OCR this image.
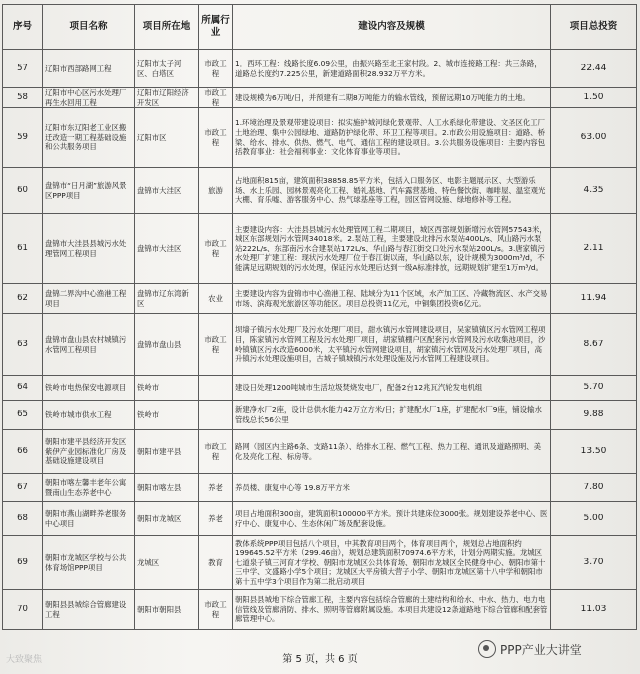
序号	项目名称	项目所在地	所属行业	建设内容及规模	项目总投资

57	辽阳市西部路网工程	辽阳市太子河区、白塔区	市政工程	1．西环工程：线路长度6.09公里，由振兴路至北王家村段。2、城市连接路工程：共三条路，道路总长度约7.225公里，新建道路面积28.932万平方米。	22.44

58	辽阳市中心区污水处理厂再生水回用工程	辽阳市辽阳经济开发区	市政工程	建设规模为6万吨/日，并预建有二期8万吨能力的输水管线，预留远期10万吨能力的土地。	1.50

59	辽阳市东辽阳老工业区搬迁改造一期工程基础设施和公共服务项目	辽阳市区	市政工程	1.环境治理及景观带建设项目：拟实施护城河绿化景观带、人工水系绿化带建设、文圣区化工厂土地治理、集中公园绿地、道路防护绿化带、环卫工程等项目。2.市政公用设施项目：道路、桥梁、给水、排水、供热、燃气、电气、通信工程的建设项目。3.公共服务设施项目：主要内容包括教育事业：社会福利事业：文化体育事业等项目。	63.00

60	盘锦市“日月湖”旅游风景区PPP项目	盘锦市大洼区	旅游	占地面积815亩，建筑面积38858.85平方米，包括入口服务区、电影主题展示区、大型游乐场、水上乐园、园林景观亮化工程、婚礼基地、汽车露营基地、特色餐饮街、咖啡屋、温室观光大棚、育乐嘘、游客服务中心、热气球基座等工程，园区管网设施、绿地修补等工程。	4.35

61	盘锦市大洼县县城污水处理管网工程项目	盘锦市大洼区	市政工程	主要建设内容：大洼县县城污水处理管网工程二期项目，城区西部规划新增污水管网57543米，城区东部规划污水管网34018米。2.泵站工程，主要建设北排污水泵站400L/s、风山路污水泵站222L/s、东部南污水合建泵站172L/s、华山路与春江街交口处污水泵站200L/s。3.唐家镇污水处理厂扩建工程：现状污水处理厂位于春江街以南，华山路以东，设计规模为3000m³/d，不能满足远期规划的污水处理，保证污水处理后达到一级A标准排放，远期规划扩建至1万m³/d。	2.11

62	盘锦二界沟中心渔港工程项目	盘锦市辽东湾新区	农业	主要建设内容为盘锦市中心渔港工程、陆域分为11个区域，水产加工区、冷藏物流区、水产交易市场、滨海观光旅游区等功能区。项目总投资11亿元，中铜集团投资6亿元。	11.94

63	盘锦市盘山县农村城镇污水管网工程项目	盘锦市盘山县	市政工程	坝墙子镇污水处理厂及污水处理厂项目，甜水镇污水管网建设项目，吴家镇镇区污水管网工程项目，陈家镇污水管网工程及污水处理厂项目，胡家镇棚户区配套污水管网及污水收集池项目，沙岭镇镇区污水改造6000米，太平镇污水管网建设项目，胡家镇污水管网及污水处理厂项目，高升镇污水处理设施项目，古城子镇城镇污水处理设施及污水管网工程建设项目。	8.67

64	铁岭市电热保安电源项目	铁岭市		建设日处理1200吨城市生活垃圾焚烧发电厂，配备2台12兆瓦汽轮发电机组	5.70

65	铁岭市城市供水工程	铁岭市		新建净水厂2座，设计总供水能力42万立方米/日；扩建配水厂1座，扩建配水厂9座，铺设输水管线总长56公里	9.88

66	朝阳市建平县经济开发区紫伊产业园标准化厂房及基础设施建设项目	朝阳市建平县	市政工程	路网（园区内主路6条、支路11条）、给排水工程、燃气工程、热力工程、通讯及道路照明、美化及亮化工程、标房等。	13.50

67	朝阳市喀左馨丰老年公寓暨南山生态养老中心	朝阳市喀左县	养老	养员楼、康复中心等 19.8万平方米	7.80

68	朝阳市燕山湖畔养老服务中心项目	朝阳市龙城区	养老	项目占地面积300亩，建筑面积100000平方米。预计共建床位3000张。规划建设养老中心、医疗中心、康复中心、生态休闲广场及配套设施。	5.00

69	朝阳市龙城区学校与公共体育场馆PPP项目	龙城区	教育	教体系统PPP项目包括八个项目，中其教育项目两个，体育项目两个，规划总占地面积约199645.52平方米（299.46亩），规划总建筑面积70974.6平方米，计划分两期实施。龙城区七道泉子镇三河育才学校、朝阳市龙城区公共体育场、朝阳市龙城区全民健身中心、朝阳市第十三中学、文盛路小学5个项目；龙城区大平房镇大营子小学、朝阳市龙城区第十八中学和朝阳市第十五中学3个项目作为第二批启动项目	3.70

70	朝阳县县城综合管廊建设工程	朝阳市朝阳县	市政工程	朝阳县县城地下综合管廊工程，主要内容包括综合管廊的土建结构和给水、中水、热力、电力电信管线及管廊消防、排水、照明等管廊附属设施。本项目共建设12条道路地下综合管廊和配套管廊管理中心。	11.03
第 5 页，共 6 页
大致聚焦
PPP产业大讲堂
